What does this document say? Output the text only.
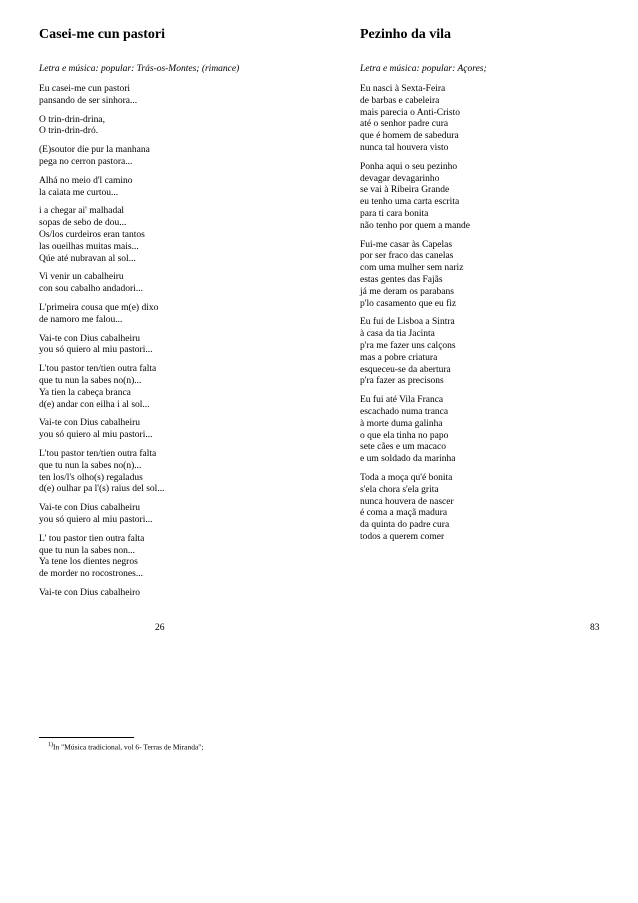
Casei-me cun pastori
Letra e música: popular: Trás-os-Montes; (rimance)
Eu casei-me cun pastori
pansando de ser sinhora...
O trin-drin-drina,
O trin-drin-dró.
(E)soutor die pur la manhana
pega no cerron pastora...
Alhá no meio d'l camino
la caiata me curtou...
i a chegar ai' malhadal
sopas de sebo de dou...
Os/los curdeiros eran tantos
las oueilhas muitas mais...
Qúe até nubravan al sol...
Vi venir un cabalheiru
con sou cabalho andadori...
L'primeira cousa que m(e) dixo
de namoro me falou...
Vai-te con Dius cabalheiru
you só quiero al miu pastori...
L'tou pastor ten/tien outra falta
que tu nun la sabes no(n)...
Ya tien la cabeça branca
d(e) andar con eilha i al sol...
Vai-te con Dius cabalheiru
you só quiero al miu pastori...
L'tou pastor ten/tien outra falta
que tu nun la sabes no(n)...
ten los/l's olho(s) regaladus
d(e) oulhar pa l'(s) raius del sol...
Vai-te con Dius cabalheiru
you só quiero al miu pastori...
L' tou pastor tien outra falta
que tu nun la sabes non...
Ya tene los dientes negros
de morder no rocostrones...
Vai-te con Dius cabalheiro
Pezinho da vila
Letra e música: popular: Açores;
Eu nasci à Sexta-Feira
de barbas e cabeleira
mais parecia o Anti-Cristo
até o senhor padre cura
que é homem de sabedura
nunca tal houvera visto
Ponha aqui o seu pezinho
devagar devagarinho
se vai à Ribeira Grande
eu tenho uma carta escrita
para ti cara bonita
não tenho por quem a mande
Fui-me casar às Capelas
por ser fraco das canelas
com uma mulher sem nariz
estas gentes das Fajãs
já me deram os parabans
p'lo casamento que eu fiz
Eu fui de Lisboa a Sintra
à casa da tia Jacinta
p'ra me fazer uns calçons
mas a pobre criatura
esqueceu-se da abertura
p'ra fazer as precisons
Eu fui até Vila Franca
escachado numa tranca
à morte duma galinha
o que ela tinha no papo
sete cães e um macaco
e um soldado da marinha
Toda a moça qu'é bonita
s'ela chora s'ela grita
nunca houvera de nascer
é coma a maçã madura
da quinta do padre cura
todos a querem comer
$^{1)}$In "Música tradicional, vol 6- Terras de Miranda";
26	83
